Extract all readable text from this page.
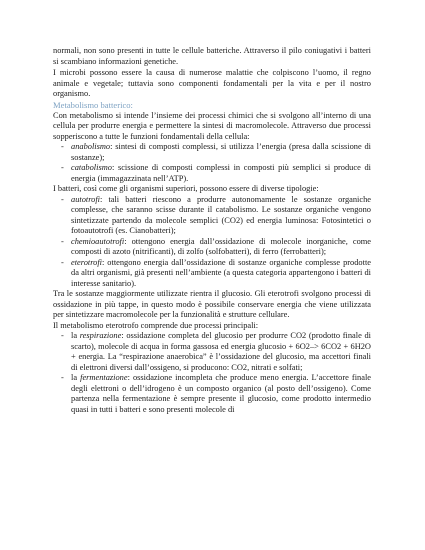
normali, non sono presenti in tutte le cellule batteriche. Attraverso il pilo coniugativi i batteri si scambiano informazioni genetiche.

I microbi possono essere la causa di numerose malattie che colpiscono l’uomo, il regno animale e vegetale; tuttavia sono componenti fondamentali per la vita e per il nostro organismo.

Metabolismo batterico:

Con metabolismo si intende l’insieme dei processi chimici che si svolgono all’interno di una cellula per produrre energia e permettere la sintesi di macromolecole. Attraverso due processi sopperiscono a tutte le funzioni fondamentali della cellula:

- anabolismo: sintesi di composti complessi, si utilizza l’energia (presa dalla scissione di sostanze);
- catabolismo: scissione di composti complessi in composti più semplici si produce di energia (immagazzinata nell’ATP).

I batteri, così come gli organismi superiori, possono essere di diverse tipologie:

- autotrofi: tali batteri riescono a produrre autonomamente le sostanze organiche complesse, che saranno scisse durante il catabolismo. Le sostanze organiche vengono sintetizzate partendo da molecole semplici (CO2) ed energia luminosa: Fotosintetici o fotoautotrofi (es. Cianobatteri);
- chemioautotrofi: ottengono energia dall’ossidazione di molecole inorganiche, come composti di azoto (nitrificanti), di zolfo (solfobatteri), di ferro (ferrobatteri);
- eterotrofi: ottengono energia dall’ossidazione di sostanze organiche complesse prodotte da altri organismi, già presenti nell’ambiente (a questa categoria appartengono i batteri di interesse sanitario).

Tra le sostanze maggiormente utilizzate rientra il glucosio. Gli eterotrofi svolgono processi di ossidazione in più tappe, in questo modo è possibile conservare energia che viene utilizzata per sintetizzare macromolecole per la funzionalità e strutture cellulare.

Il metabolismo eterotrofo comprende due processi principali:

- la respirazione: ossidazione completa del glucosio per produrre CO2 (prodotto finale di scarto), molecole di acqua in forma gassosa ed energia glucosio + 6O2–> 6CO2 + 6H2O + energia. La “respirazione anaerobica” è l’ossidazione del glucosio, ma accettori finali di elettroni diversi dall’ossigeno, si producono: CO2, nitrati e solfati;
- la fermentazione: ossidazione incompleta che produce meno energia. L’accettore finale degli elettroni o dell’idrogeno è un composto organico (al posto dell’ossigeno). Come partenza nella fermentazione è sempre presente il glucosio, come prodotto intermedio quasi in tutti i batteri e sono presenti molecole di
